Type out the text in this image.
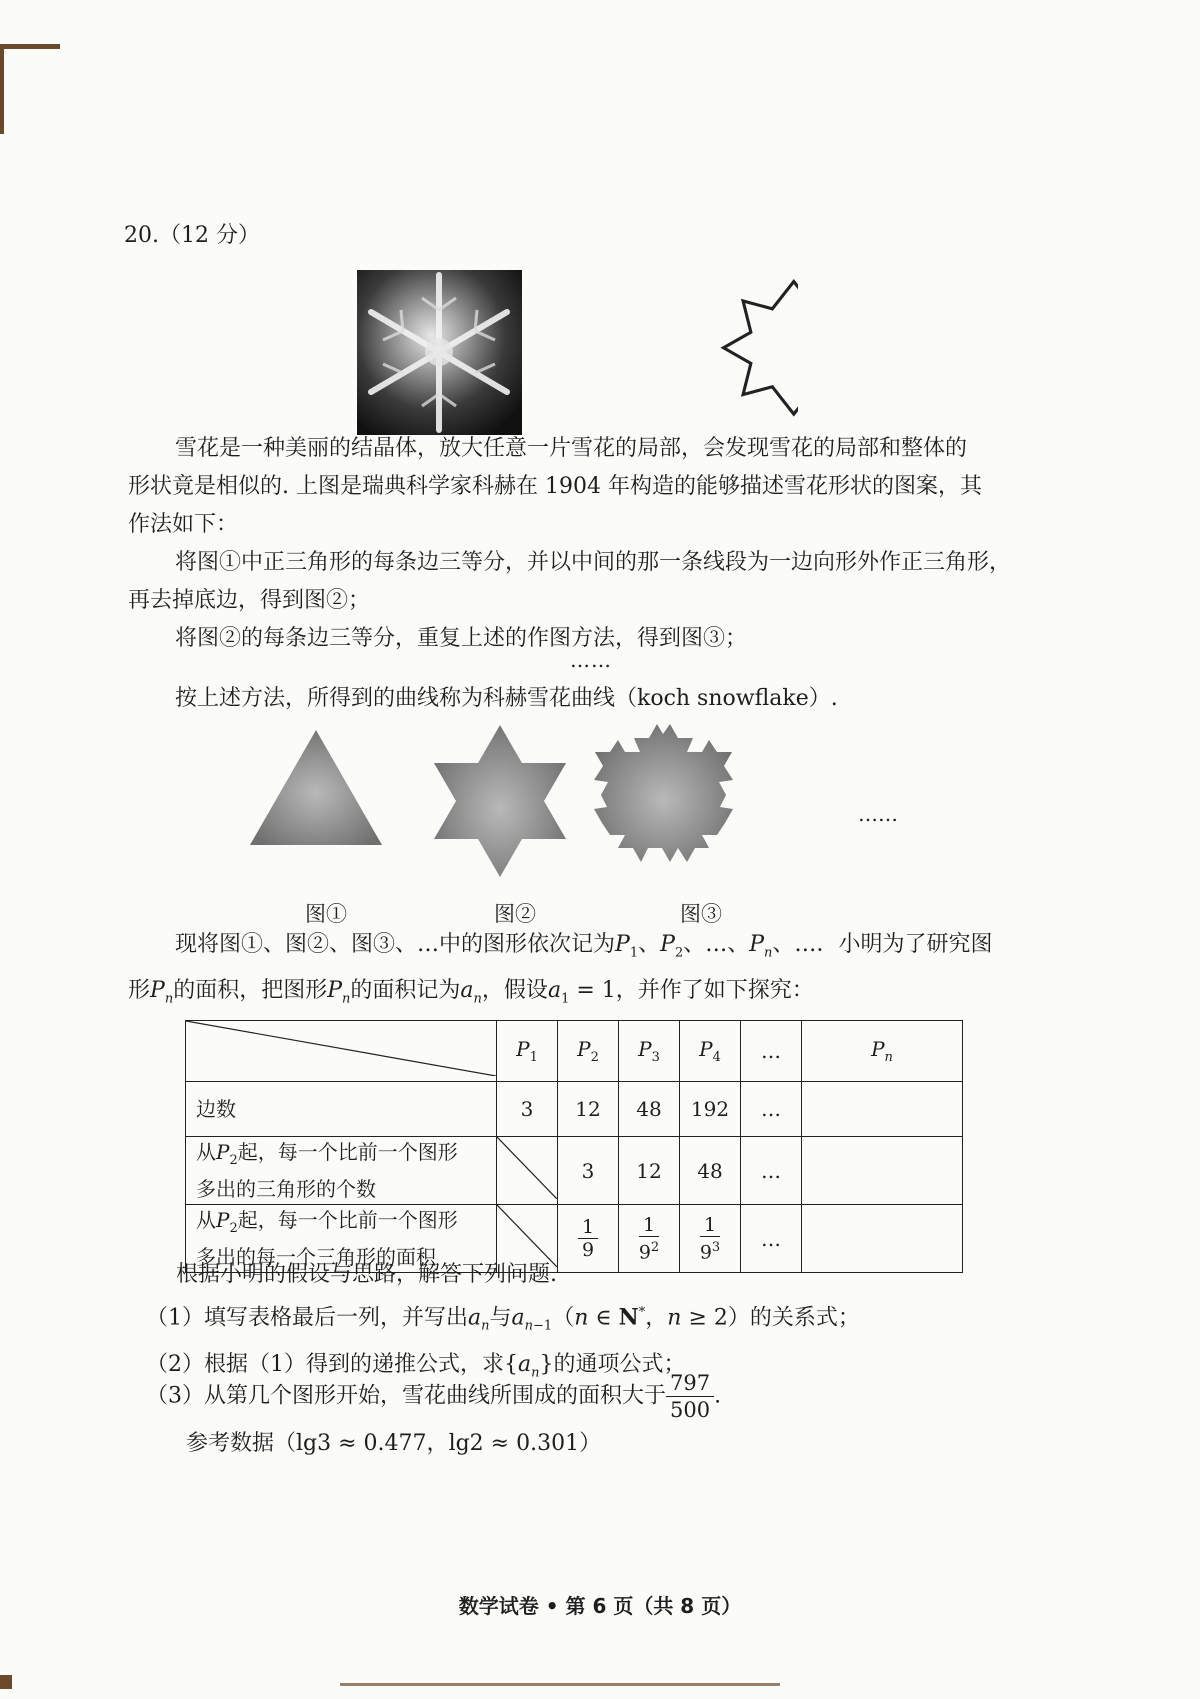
20.（12 分）
雪花是一种美丽的结晶体，放大任意一片雪花的局部，会发现雪花的局部和整体的
形状竟是相似的. 上图是瑞典科学家科赫在 1904 年构造的能够描述雪花形状的图案，其
作法如下：
将图①中正三角形的每条边三等分，并以中间的那一条线段为一边向形外作正三角形，
再去掉底边，得到图②；
将图②的每条边三等分，重复上述的作图方法，得到图③；
……
按上述方法，所得到的曲线称为科赫雪花曲线（koch snowflake）.
……
图①	图②	图③
现将图①、图②、图③、…中的图形依次记为$P_1$、$P_2$、…、$P_n$、…．小明为了研究图
形$P_n$的面积，把图形$P_n$的面积记为$a_n$，假设$a_1 = 1$，并作了如下探究：
	$P_1$	$P_2$	$P_3$	$P_4$	…	$P_n$
边数	3	12	48	192	…	
从$P_2$起，每一个比前一个图形
多出的三角形的个数		3	12	48	…	
从$P_2$起，每一个比前一个图形
多出的每一个三角形的面积		$\frac{1}{9}$	$\frac{1}{9^2}$	$\frac{1}{9^3}$	…	
根据小明的假设与思路，解答下列问题.
（1）填写表格最后一列，并写出$a_n$与$a_{n-1}(n$ ∈ N*，n ≥ 2）的关系式；
（2）根据（1）得到的递推公式，求$\{a_n\}$的通项公式；
（3）从第几个图形开始，雪花曲线所围成的面积大于 $\frac{797}{500}$ .
参考数据（lg3 ≈ 0.477，lg2 ≈ 0.301）
数学试卷 • 第 6 页（共 8 页）
